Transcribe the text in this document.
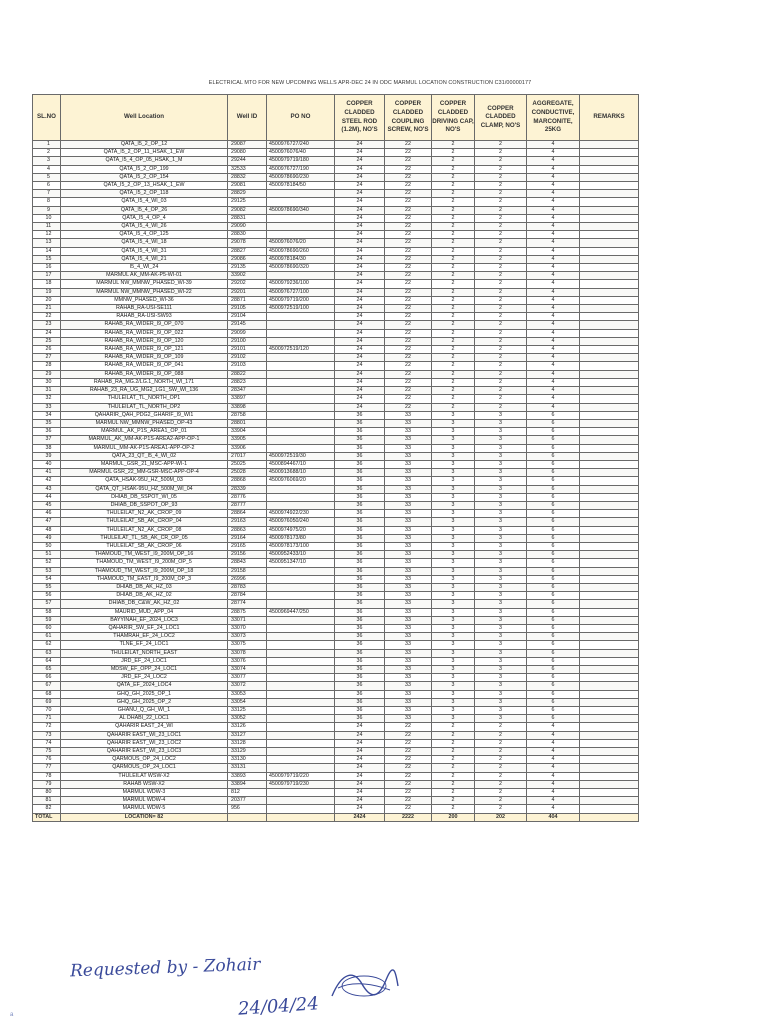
ELECTRICAL MTO FOR NEW UPCOMING WELLS APR-DEC 24 IN ODC MARMUL LOCATION CONSTRUCTION C31/00000177
SL.NO	Well Location	Well ID	PO NO	COPPER CLADDED STEEL ROD (1.2M), NO'S	COPPER CLADDED COUPLING SCREW, NO'S	COPPER CLADDED DRIVING CAP, NO'S	COPPER CLADDED CLAMP, NO'S	AGGREGATE, CONDUCTIVE, MARCONITE, 25KG	REMARKS
1	QATA_I5_2_OP_12	29087	4500976727/240	24	22	2	2	4	
2	QATA_I5_2_OP_11_HSAK_1_EW	29080	4500976076/40	24	22	2	2	4	
3	QATA_I5_4_OP_05_HSAK_1_M	29244	4500979719/180	24	22	2	2	4	
4	QATA_I5_2_OP_199	32533	4500976727/190	24	22	2	2	4	
5	QATA_I5_2_OP_154	28832	4500978690/230	24	22	2	2	4	
6	QATA_I5_2_OP_13_HSAK_1_EW	29081	4500978184/50	24	22	2	2	4	
7	QATA_I5_2_OP_118	28829		24	22	2	2	4	
8	QATA_I5_4_WI_03	29125		24	22	2	2	4	
9	QATA_I5_4_OP_26	29082	4500978690/340	24	22	2	2	4	
10	QATA_I5_4_OP_4	28831		24	22	2	2	4	
11	QATA_I5_4_WI_26	29090		24	22	2	2	4	
12	QATA_I5_4_OP_125	28830		24	22	2	2	4	
13	QATA_I5_4_WI_18	29078	4500976076/20	24	22	2	2	4	
14	QATA_I5_4_WI_31	28827	4500978690/260	24	22	2	2	4	
15	QATA_I5_4_WI_21	29086	4500978184/30	24	22	2	2	4	
16	I5_4_WI_24	29135	4500978690/320	24	22	2	2	4	
17	MARMUL AK_MM-AK-P5-WI-01	33902		24	22	2	2	4	
18	MARMUL NW_MMNW_PHASED_WI-39	29202	4500979236/100	24	22	2	2	4	
19	MARMUL NW_MMNW_PHASED_WI-22	29201	4500976727/100	24	22	2	2	4	
20	MMNW_PHASED_WI-36	28871	4500979719/200	24	22	2	2	4	
21	RAHAB_RA-USI-SE111	29105	4500972519/100	24	22	2	2	4	
22	RAHAB_RA-USI-SW93	29104		24	22	2	2	4	
23	RAHAB_RA_WIDER_I9_OP_070	29145		24	22	2	2	4	
24	RAHAB_RA_WIDER_I9_OP_022	29099		24	22	2	2	4	
25	RAHAB_RA_WIDER_I9_OP_120	29100		24	22	2	2	4	
26	RAHAB_RA_WIDER_I9_OP_121	29101	4500972519/120	24	22	2	2	4	
27	RAHAB_RA_WIDER_I9_OP_109	29102		24	22	2	2	4	
28	RAHAB_RA_WIDER_I9_OP_041	29103		24	22	2	2	4	
29	RAHAB_RA_WIDER_I9_OP_088	28822		24	22	2	2	4	
30	RAHAB_RA_MG.2/LG.1_NORTH_WI_171	28823		24	22	2	2	4	
31	RAHAB_23_RA_UG_MG2_LG1_SW_WI_136	28347		24	22	2	2	4	
32	THULEILAT_TL_NORTH_OP1	33897		24	22	2	2	4	
33	THULEILAT_TL_NORTH_OP2	33898		24	22	2	2	4	
34	QAHARIR_QAH_PDG2_GHARIF_I9_WI1	28758		36	33	3	3	6	
35	MARMUL NW_MMNW_PHASED_OP-43	28801		36	33	3	3	6	
36	MARMUL_AK_P1S_AREA1_OP_01	33904		36	33	3	3	6	
37	MARMUL_AK_MM-AK-P1S-AREA2-APP-OP-1	33905		36	33	3	3	6	
38	MARMUL_MM-AK-P1S-AREA1-APP-OP-2	33906		36	33	3	3	6	
39	QATA_23_QT_I5_4_WI_02	27017	4500972519/30	36	33	3	3	6	
40	MARMUL_GSR_21_MSC-APP-WI-1	25025	4500894467/10	36	33	3	3	6	
41	MARMUL GSR_22_MM-GSR-MSC-APP-OP-4	25028	4500913688/10	36	33	3	3	6	
42	QATA_HSAK-95U_HZ_500M_03	28868	4500976069/20	36	33	3	3	6	
43	QATA_QT_HSAK-95U_HZ_500M_WI_04	28339		36	33	3	3	6	
44	DHIAB_DB_SSPOT_WI_05	28776		36	33	3	3	6	
45	DHIAB_DB_SSPOT_OP_93	28777		36	33	3	3	6	
46	THULEILAT_N2_AK_CROP_09	28864	4500974922/230	36	33	3	3	6	
47	THULEILAT_SB_AK_CROP_04	29163	4500976050/240	36	33	3	3	6	
48	THULEILAT_N2_AK_CROP_08	28863	4500974975/20	36	33	3	3	6	
49	THULEILAT_TL_SB_AK_CR_OP_05	29164	4500978173/80	36	33	3	3	6	
50	THULEILAT_SB_AK_CROP_06	29165	4500978173/100	36	33	3	3	6	
51	THAMOUD_TM_WEST_I9_200M_OP_16	29156	4500952433/10	36	33	3	3	6	
52	THAMOUD_TM_WEST_I9_200M_OP_5	28843	4500951347/10	36	33	3	3	6	
53	THAMOUD_TM_WEST_I9_200M_OP_18	29158		36	33	3	3	6	
54	THAMOUD_TM_EAST_I9_200M_OP_3	26996		36	33	3	3	6	
55	DHIAB_DB_AK_HZ_03	28783		36	33	3	3	6	
56	DHIAB_DB_AK_HZ_02	28784		36	33	3	3	6	
57	DHIAB_DB_C&W_AK_HZ_02	28774		36	33	3	3	6	
58	MAURID_MUD_APP_04	28875	4500969447/250	36	33	3	3	6	
59	BAYYINAH_EF_2024_LOC3	33071		36	33	3	3	6	
60	QAHARIR_SW_EF_24_LOC1	33070		36	33	3	3	6	
61	THAMRAH_EF_24_LOC2	33073		36	33	3	3	6	
62	TLNE_EF_24_LOC1	33075		36	33	3	3	6	
63	THULEILAT_NORTH_EAST	33078		36	33	3	3	6	
64	JRD_EF_24_LOC1	33076		36	33	3	3	6	
65	MDSW_EF_OPP_24_LOC1	33074		36	33	3	3	6	
66	JRD_EF_24_LOC2	33077		36	33	3	3	6	
67	QATA_EF_2024_LOC4	33072		36	33	3	3	6	
68	GHQ_GH_2025_OP_1	33053		36	33	3	3	6	
69	GHQ_GH_2025_OP_2	33054		36	33	3	3	6	
70	GHANU_Q_GH_WI_1	33125		36	33	3	3	6	
71	AL DHABI_22_LOC1	33052		36	33	3	3	6	
72	QAHARIR EAST_24_WI	33126		24	22	2	2	4	
73	QAHARIR EAST_WI_23_LOC1	33127		24	22	2	2	4	
74	QAHARIR EAST_WI_23_LOC2	33128		24	22	2	2	4	
75	QAHARIR EAST_WI_23_LOC3	33129		24	22	2	2	4	
76	QARMOUS_OP_24_LOC2	33130		24	22	2	2	4	
77	QARMOUS_OP_24_LOC1	33131		24	22	2	2	4	
78	THULEILAT WSW-X2	33893	4500979719/220	24	22	2	2	4	
79	RAHAB WSW-X2	33894	4500979719/230	24	22	2	2	4	
80	MARMUL WDW-3	812		24	22	2	2	4	
81	MARMUL WDW-4	20377		24	22	2	2	4	
82	MARMUL WDW-5	956		24	22	2	2	4	
TOTAL	LOCATION= 82			2424	2222	200	202	404	
Requested by - Zohair
24/04/24
a
